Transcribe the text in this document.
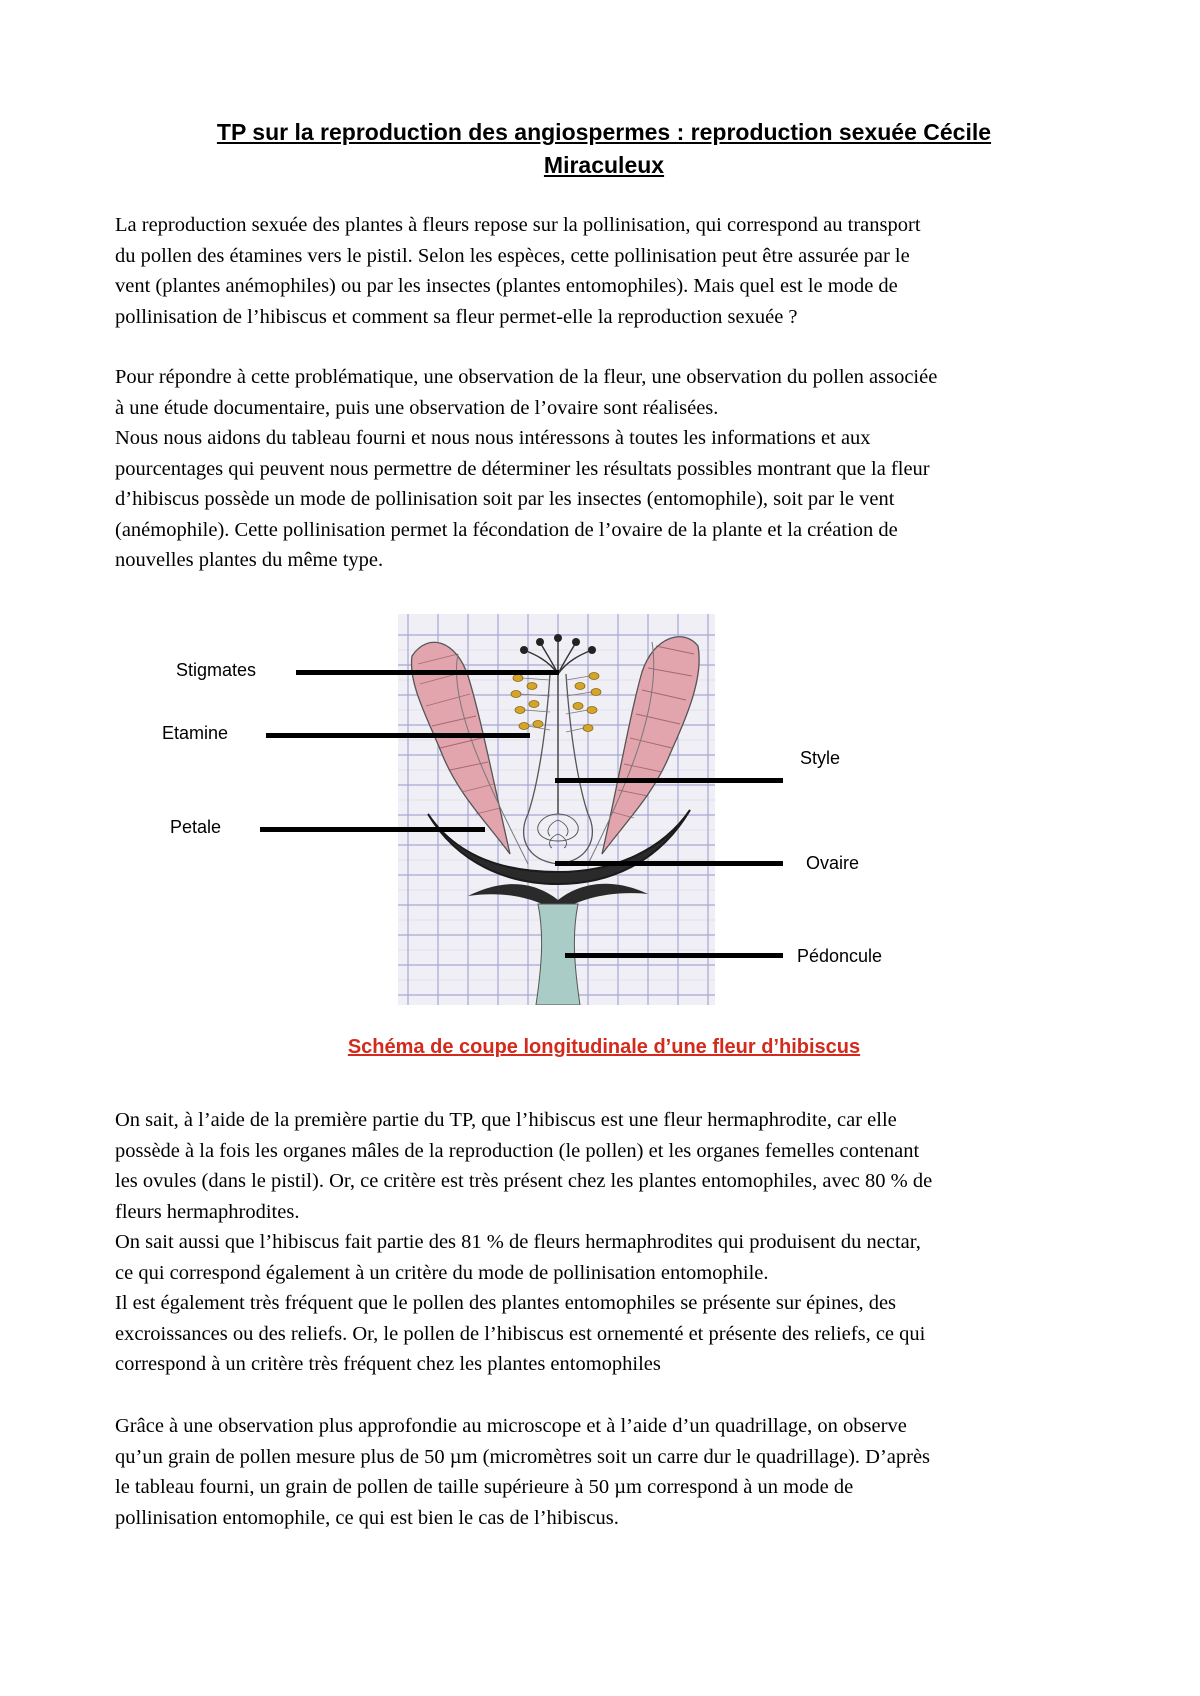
TP sur la reproduction des angiospermes : reproduction sexuée Cécile
Miraculeux

La reproduction sexuée des plantes à fleurs repose sur la pollinisation, qui correspond au transport
du pollen des étamines vers le pistil. Selon les espèces, cette pollinisation peut être assurée par le
vent (plantes anémophiles) ou par les insectes (plantes entomophiles). Mais quel est le mode de
pollinisation de l’hibiscus et comment sa fleur permet-elle la reproduction sexuée ?

Pour répondre à cette problématique, une observation de la fleur, une observation du pollen associée
à une étude documentaire, puis une observation de l’ovaire sont réalisées.
Nous nous aidons du tableau fourni et nous nous intéressons à toutes les informations et aux
pourcentages qui peuvent nous permettre de déterminer les résultats possibles montrant que la fleur
d’hibiscus possède un mode de pollinisation soit par les insectes (entomophile), soit par le vent
(anémophile). Cette pollinisation permet la fécondation de l’ovaire de la plante et la création de
nouvelles plantes du même type.

Stigmates
Etamine
Petale
Style
Ovaire
Pédoncule
Schéma de coupe longitudinale d’une fleur d’hibiscus

On sait, à l’aide de la première partie du TP, que l’hibiscus est une fleur hermaphrodite, car elle
possède à la fois les organes mâles de la reproduction (le pollen) et les organes femelles contenant
les ovules (dans le pistil). Or, ce critère est très présent chez les plantes entomophiles, avec 80 % de
fleurs hermaphrodites.
On sait aussi que l’hibiscus fait partie des 81 % de fleurs hermaphrodites qui produisent du nectar,
ce qui correspond également à un critère du mode de pollinisation entomophile.
Il est également très fréquent que le pollen des plantes entomophiles se présente sur épines, des
excroissances ou des reliefs. Or, le pollen de l’hibiscus est ornementé et présente des reliefs, ce qui
correspond à un critère très fréquent chez les plantes entomophiles

Grâce à une observation plus approfondie au microscope et à l’aide d’un quadrillage, on observe
qu’un grain de pollen mesure plus de 50 µm (micromètres soit un carre dur le quadrillage). D’après
le tableau fourni, un grain de pollen de taille supérieure à 50 µm correspond à un mode de
pollinisation entomophile, ce qui est bien le cas de l’hibiscus.
